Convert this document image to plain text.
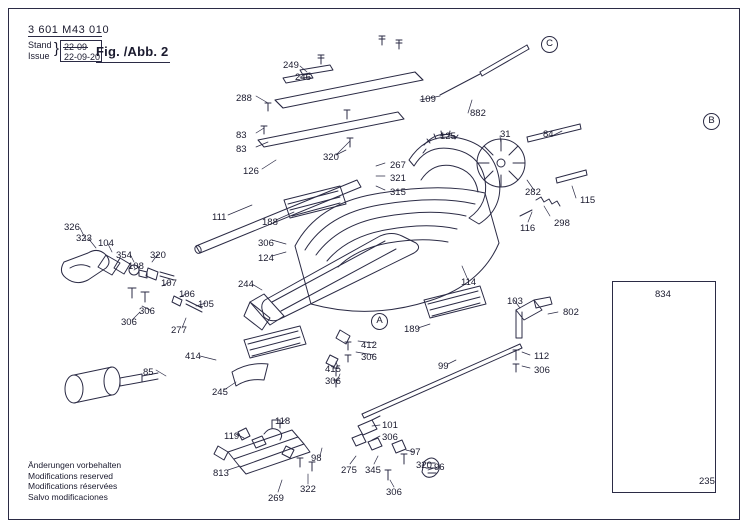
3 601 M43 010
Stand
Issue } 22-09
22-09-20
Fig. /Abb. 2
Änderungen vorbehalten
Modifications reserved
Modifications réservées
Salvo modificaciones
C
B
A
249
246
288	109
882
83
83
125	31	84
126
320
267
321
315	282
115
298
116
111	188
326
323 104
354 320
108
306
124
107
106
105
306
306
277
244	114
103
802
189
834
412
306	112
306
99
414
415
306
85
245
101
306
118
119
97
98
275 345	320 96
306
813
322
269
235
